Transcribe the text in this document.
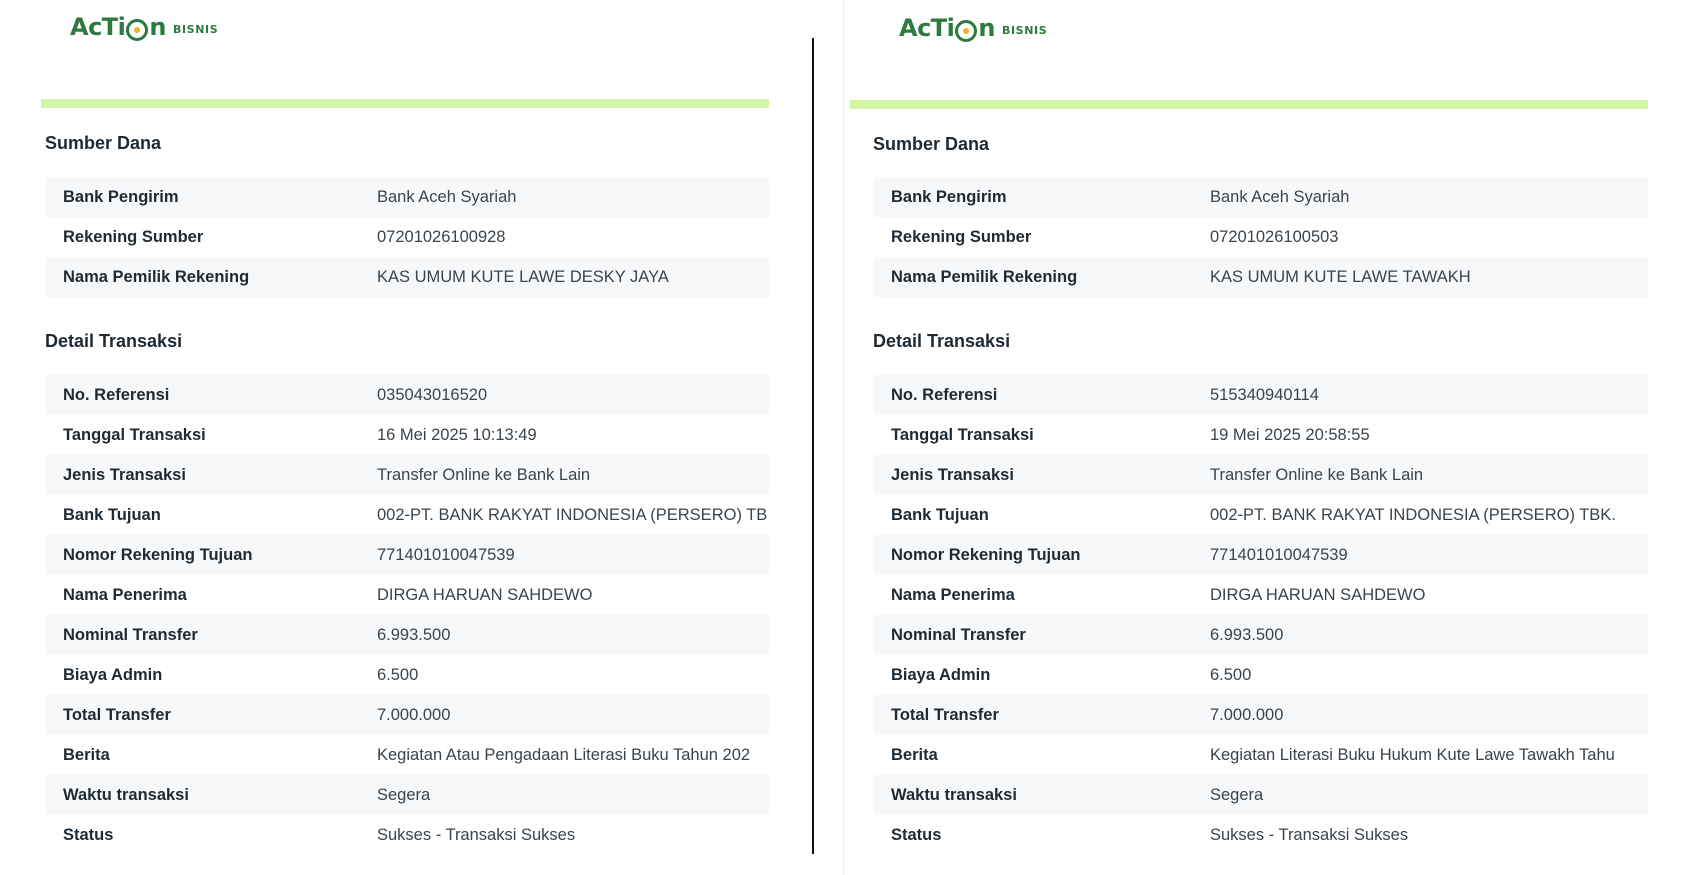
AcTi n BISNIS
Sumber Dana
Bank Pengirim	Bank Aceh Syariah
Rekening Sumber	07201026100928
Nama Pemilik Rekening	KAS UMUM KUTE LAWE DESKY JAYA
Detail Transaksi
No. Referensi	035043016520
Tanggal Transaksi	16 Mei 2025 10:13:49
Jenis Transaksi	Transfer Online ke Bank Lain
Bank Tujuan	002-PT. BANK RAKYAT INDONESIA (PERSERO) TB
Nomor Rekening Tujuan	771401010047539
Nama Penerima	DIRGA HARUAN SAHDEWO
Nominal Transfer	6.993.500
Biaya Admin	6.500
Total Transfer	7.000.000
Berita	Kegiatan Atau Pengadaan Literasi Buku Tahun 202
Waktu transaksi	Segera
Status	Sukses - Transaksi Sukses
AcTi n BISNIS
Sumber Dana
Bank Pengirim	Bank Aceh Syariah
Rekening Sumber	07201026100503
Nama Pemilik Rekening	KAS UMUM KUTE LAWE TAWAKH
Detail Transaksi
No. Referensi	515340940114
Tanggal Transaksi	19 Mei 2025 20:58:55
Jenis Transaksi	Transfer Online ke Bank Lain
Bank Tujuan	002-PT. BANK RAKYAT INDONESIA (PERSERO) TBK.
Nomor Rekening Tujuan	771401010047539
Nama Penerima	DIRGA HARUAN SAHDEWO
Nominal Transfer	6.993.500
Biaya Admin	6.500
Total Transfer	7.000.000
Berita	Kegiatan Literasi Buku Hukum Kute Lawe Tawakh Tahu
Waktu transaksi	Segera
Status	Sukses - Transaksi Sukses
